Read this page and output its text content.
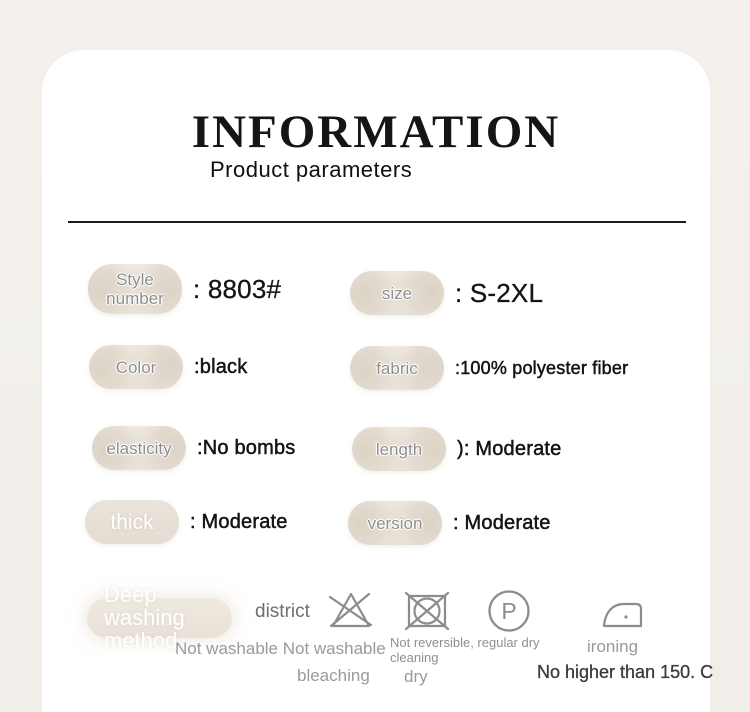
INFORMATION
Product parameters
Style number	: 8803#	size : S-2XL
Color :black	fabric :100% polyester fiber
elasticity :No bombs	length ): Moderate
thick : Moderate	version : Moderate
Deep washing method
district	P
Not washable Not washable
bleaching
Not reversible, regular dry
cleaning
dry
ironing
No higher than 150. C
